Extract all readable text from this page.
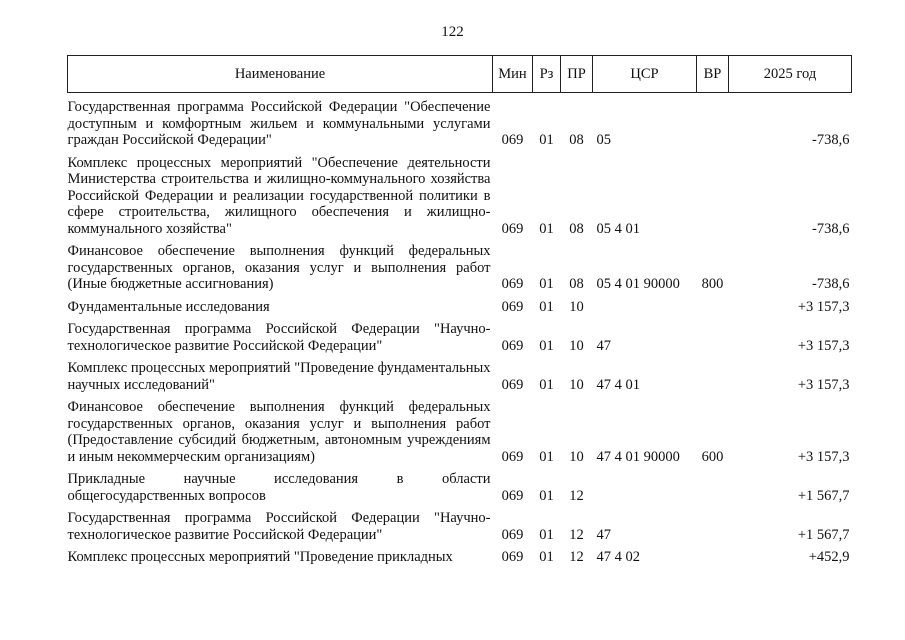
122
Наименование	Мин	Рз	ПР	ЦСР	ВР	2025 год
Государственная программа Российской Федерации "Обеспечение доступным и комфортным жильем и коммунальными услугами граждан Российской Федерации"	069	01	08	05		-738,6
Комплекс процессных мероприятий "Обеспечение деятельности Министерства строительства и жилищно-коммунального хозяйства Российской Федерации и реализации государственной политики в сфере строительства, жилищного обеспечения и жилищно-коммунального хозяйства"	069	01	08	05 4 01		-738,6
Финансовое обеспечение выполнения функций федеральных государственных органов, оказания услуг и выполнения работ (Иные бюджетные ассигнования)	069	01	08	05 4 01 90000	800	-738,6
Фундаментальные исследования	069	01	10			+3 157,3
Государственная программа Российской Федерации "Научно-технологическое развитие Российской Федерации"	069	01	10	47		+3 157,3
Комплекс процессных мероприятий "Проведение фундаментальных научных исследований"	069	01	10	47 4 01		+3 157,3
Финансовое обеспечение выполнения функций федеральных государственных органов, оказания услуг и выполнения работ (Предоставление субсидий бюджетным, автономным учреждениям и иным некоммерческим организациям)	069	01	10	47 4 01 90000	600	+3 157,3
Прикладные научные исследования в области общегосударственных вопросов	069	01	12			+1 567,7
Государственная программа Российской Федерации "Научно-технологическое развитие Российской Федерации"	069	01	12	47		+1 567,7
Комплекс процессных мероприятий "Проведение прикладных	069	01	12	47 4 02		+452,9
